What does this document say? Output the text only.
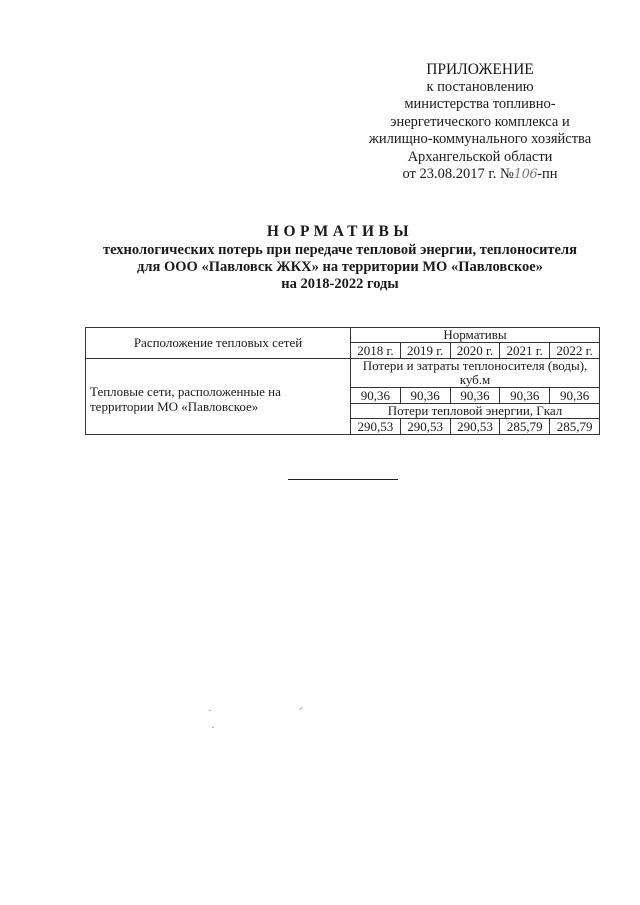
ПРИЛОЖЕНИЕ
к постановлению
министерства топливно-
энергетического комплекса и
жилищно-коммунального хозяйства
Архангельской области
от 23.08.2017 г. №106-пн
НОРМАТИВЫ
технологических потерь при передаче тепловой энергии, теплоносителя
для ООО «Павловск ЖКХ» на территории МО «Павловское»
на 2018-2022 годы
Расположение тепловых сетей	Нормативы				
	2018 г.	2019 г.	2020 г.	2021 г.	2022 г.
Тепловые сети, расположенные на территории МО «Павловское»	Потери и затраты теплоносителя (воды), куб.м				
	90,36	90,36	90,36	90,36	90,36
	Потери тепловой энергии, Гкал				
	290,53	290,53	290,53	285,79	285,79
